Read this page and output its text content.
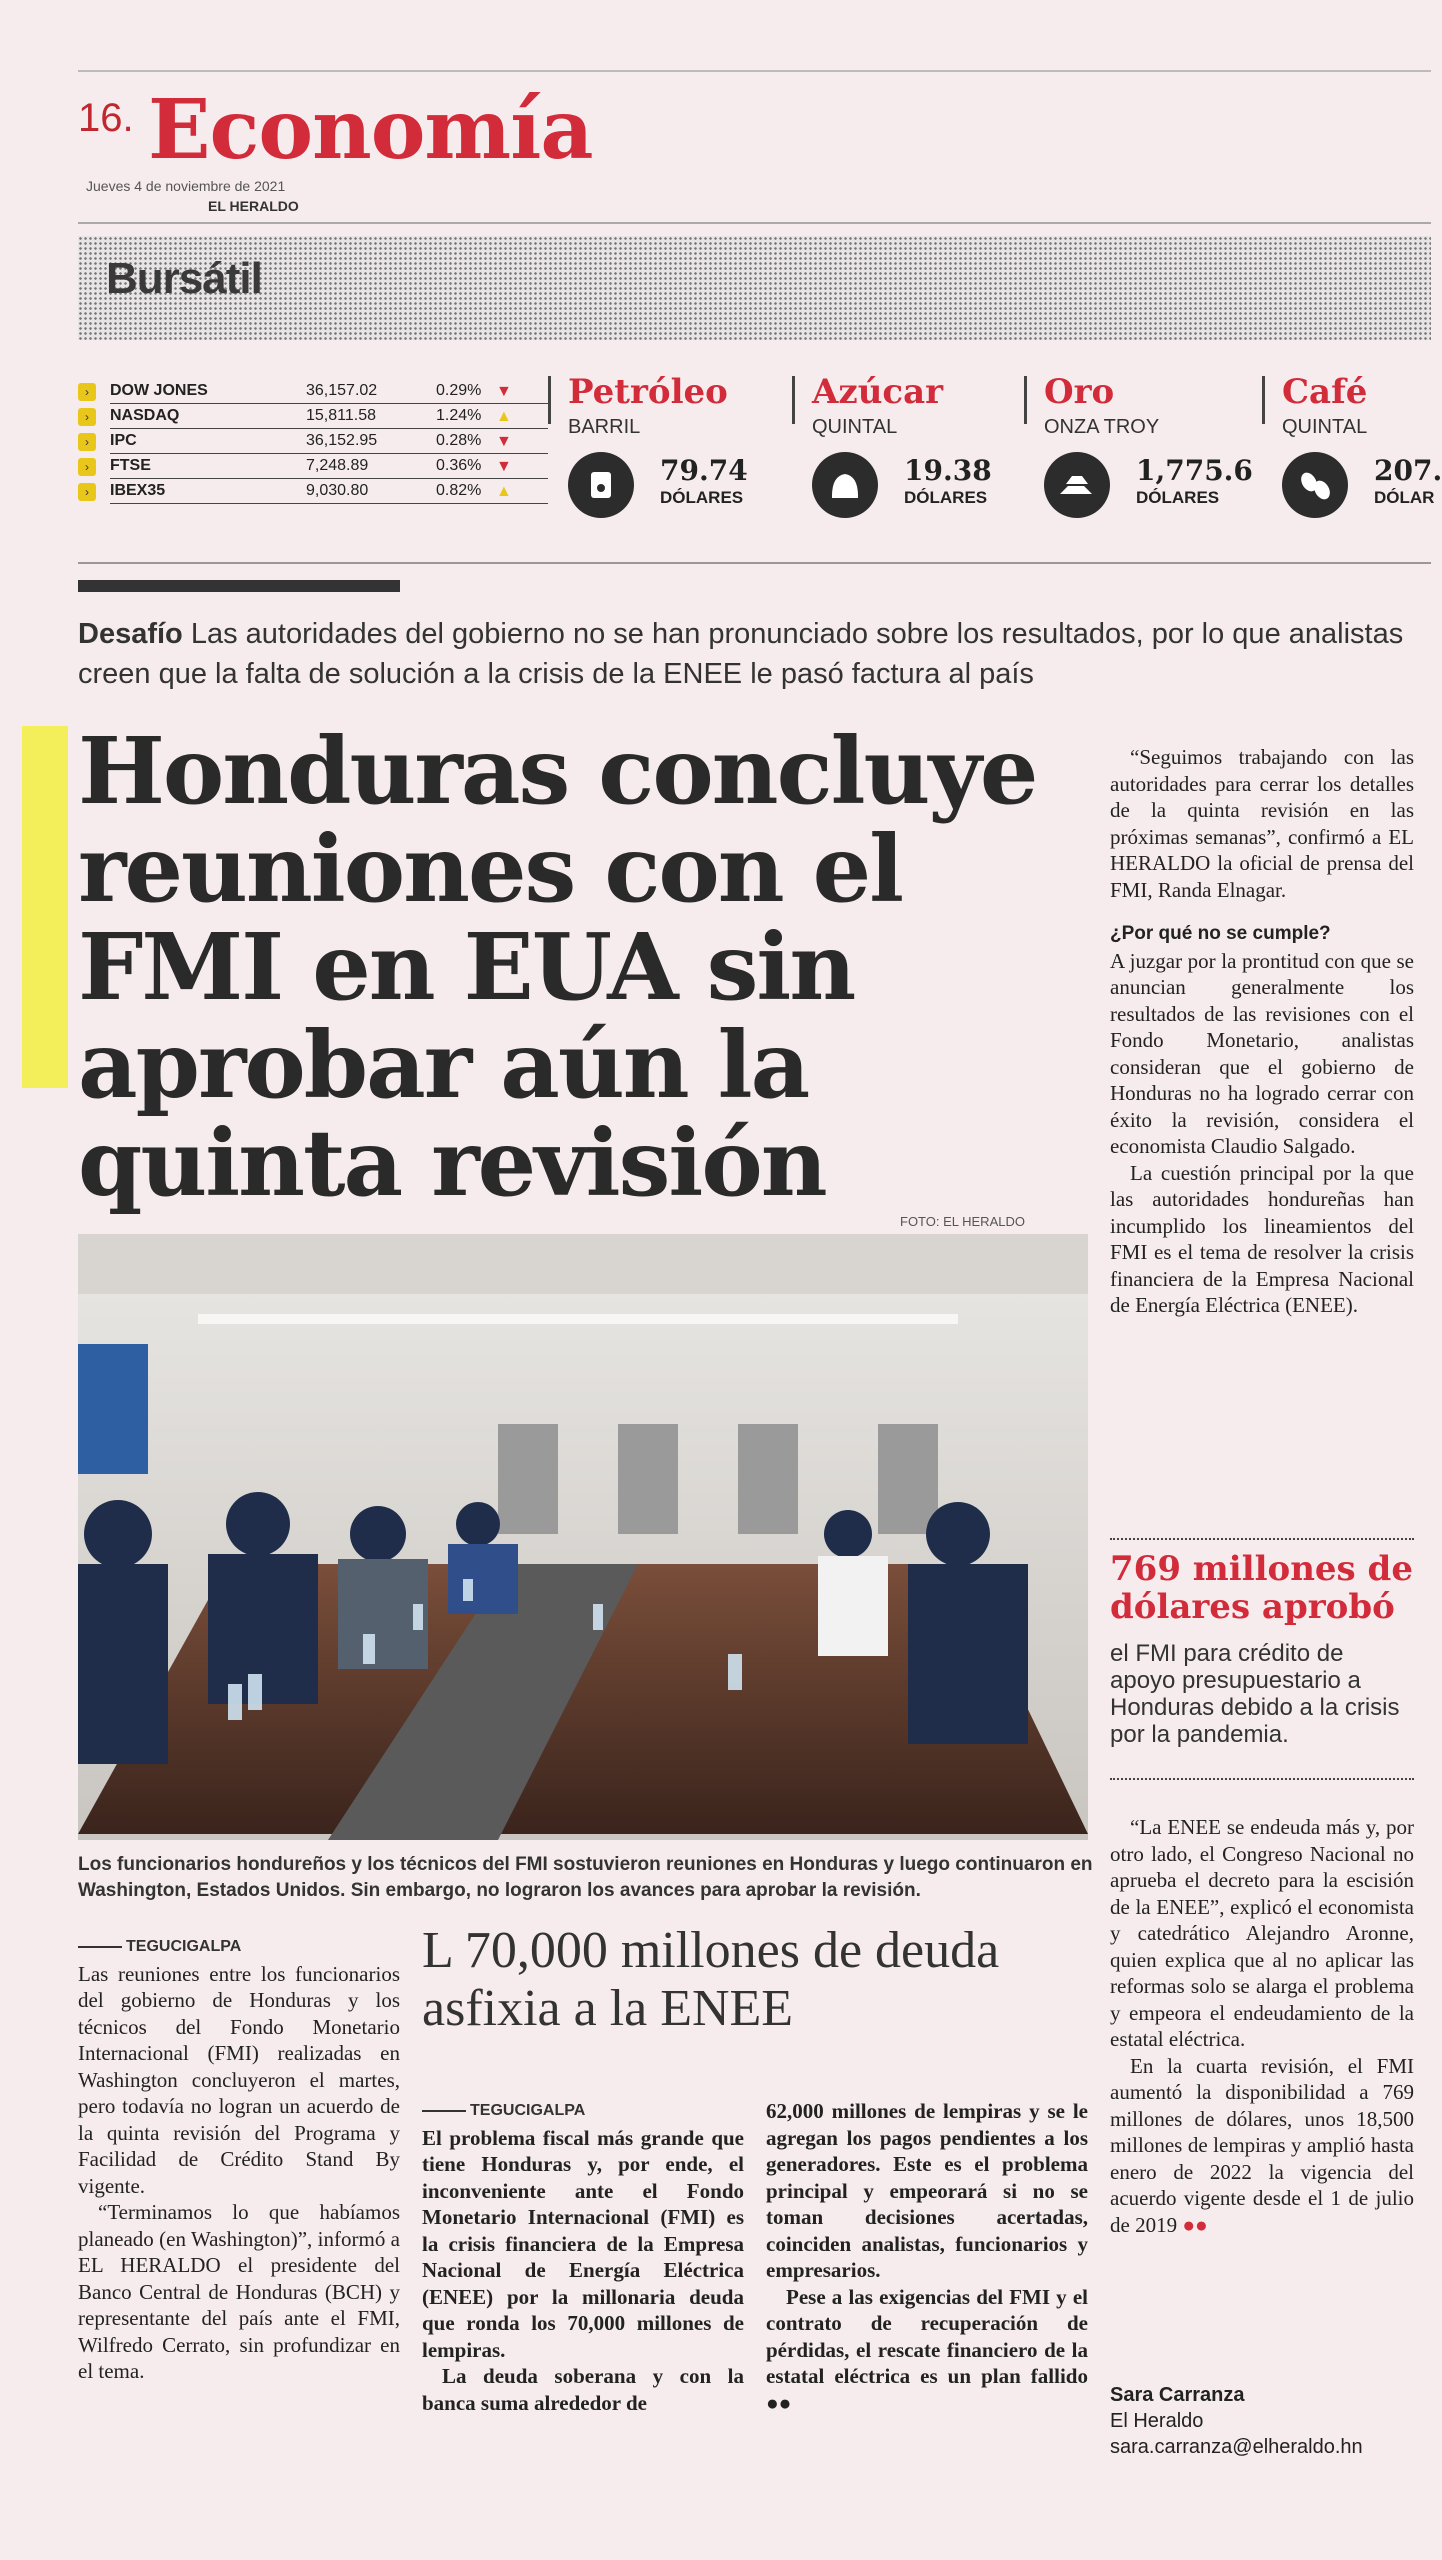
16. Economía
Jueves 4 de noviembre de 2021
EL HERALDO
Bursátil
›	DOW JONES	36,157.02	0.29% ▼
›	NASDAQ	15,811.58	1.24% ▲
›	IPC	36,152.95	0.28% ▼
›	FTSE	7,248.89	0.36% ▼
›	IBEX35	9,030.80	0.82% ▲
Petróleo
BARRIL
79.74
DÓLARES
Azúcar
QUINTAL
19.38
DÓLARES
Oro
ONZA TROY
1,775.6
DÓLARES
Café
QUINTAL
207.
DÓLAR
Desafío Las autoridades del gobierno no se han pronunciado sobre los resultados, por lo que analistas creen que la falta de solución a la crisis de la ENEE le pasó factura al país
Honduras concluye reuniones con el FMI en EUA sin aprobar aún la quinta revisión
FOTO: EL HERALDO
Los funcionarios hondureños y los técnicos del FMI sostuvieron reuniones en Honduras y luego continuaron en Washington, Estados Unidos. Sin embargo, no lograron los avances para aprobar la revisión.
TEGUCIGALPA

Las reuniones entre los funcionarios del gobierno de Honduras y los técnicos del Fondo Monetario Internacional (FMI) realizadas en Washington concluyeron el martes, pero todavía no logran un acuerdo de la quinta revisión del Programa y Facilidad de Crédito Stand By vigente.

“Terminamos lo que habíamos planeado (en Washington)”, informó a EL HERALDO el presidente del Banco Central de Honduras (BCH) y representante del país ante el FMI, Wilfredo Cerrato, sin profundizar en el tema.

L 70,000 millones de deuda asfixia a la ENEE
TEGUCIGALPA

El problema fiscal más grande que tiene Honduras y, por ende, el inconveniente ante el Fondo Monetario Internacional (FMI) es la crisis financiera de la Empresa Nacional de Energía Eléctrica (ENEE) por la millonaria deuda que ronda los 70,000 millones de lempiras.

La deuda soberana y con la banca suma alrededor de

62,000 millones de lempiras y se le agregan los pagos pendientes a los generadores. Este es el problema principal y empeorará si no se toman decisiones acertadas, coinciden analistas, funcionarios y empresarios.

Pese a las exigencias del FMI y el contrato de recuperación de pérdidas, el rescate financiero de la estatal eléctrica es un plan fallido ●●

“Seguimos trabajando con las autoridades para cerrar los detalles de la quinta revisión en las próximas semanas”, confirmó a EL HERALDO la oficial de prensa del FMI, Randa Elnagar.

¿Por qué no se cumple?

A juzgar por la prontitud con que se anuncian generalmente los resultados de las revisiones con el Fondo Monetario, analistas consideran que el gobierno de Honduras no ha logrado cerrar con éxito la revisión, considera el economista Claudio Salgado.

La cuestión principal por la que las autoridades hondureñas han incumplido los lineamientos del FMI es el tema de resolver la crisis financiera de la Empresa Nacional de Energía Eléctrica (ENEE).

769 millones de dólares aprobó
el FMI para crédito de apoyo presupuestario a Honduras debido a la crisis por la pandemia.

“La ENEE se endeuda más y, por otro lado, el Congreso Nacional no aprueba el decreto para la escisión de la ENEE”, explicó el economista y catedrático Alejandro Aronne, quien explica que al no aplicar las reformas solo se alarga el problema y empeora el endeudamiento de la estatal eléctrica.

En la cuarta revisión, el FMI aumentó la disponibilidad a 769 millones de dólares, unos 18,500 millones de lempiras y amplió hasta enero de 2022 la vigencia del acuerdo vigente desde el 1 de julio de 2019 ●●

Sara Carranza
El Heraldo
sara.carranza@elheraldo.hn
